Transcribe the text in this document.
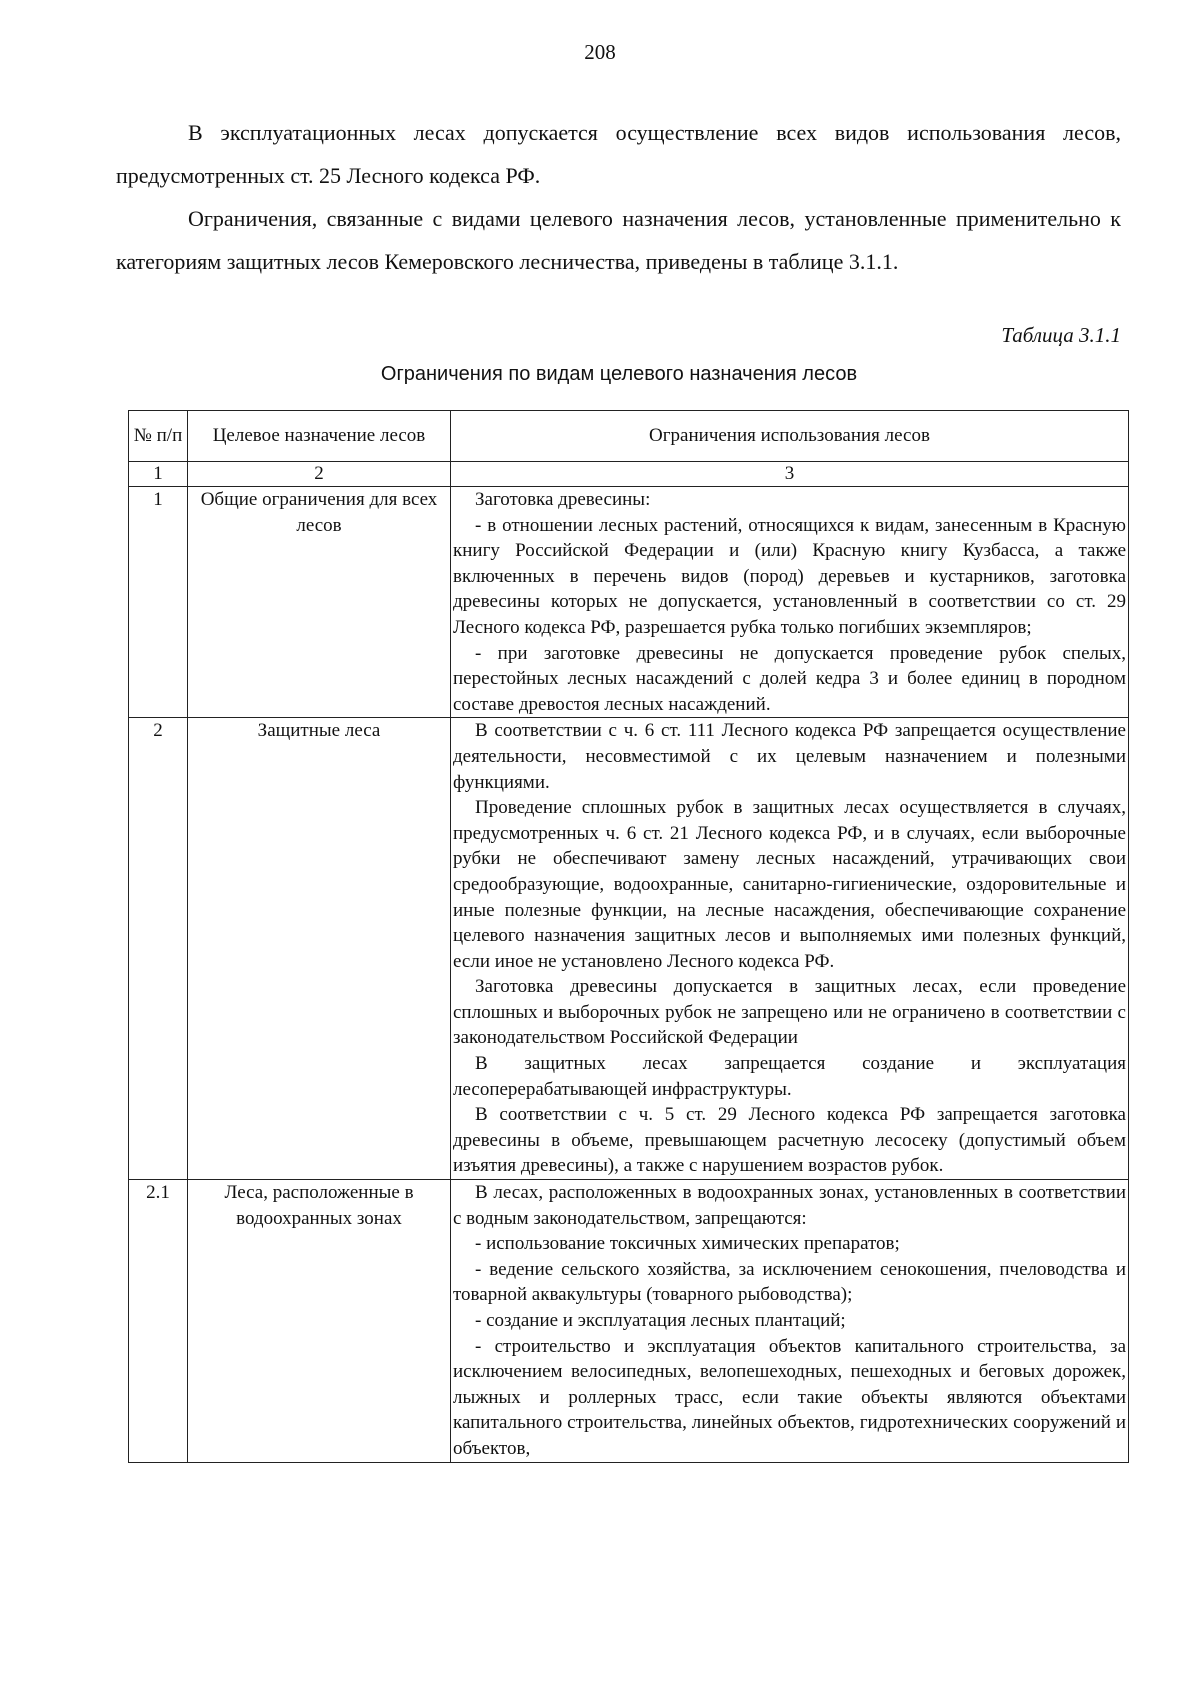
208

В эксплуатационных лесах допускается осуществление всех видов использования лесов, предусмотренных ст. 25 Лесного кодекса РФ.

Ограничения, связанные с видами целевого назначения лесов, установленные применительно к категориям защитных лесов Кемеровского лесничества, приведены в таблице 3.1.1.

Таблица 3.1.1
Ограничения по видам целевого назначения лесов
№ п/п	Целевое назначение лесов	Ограничения использования лесов
1	2	3
1	Общие ограничения для всех лесов	Заготовка древесины:

- в отношении лесных растений, относящихся к видам, занесенным в Красную книгу Российской Федерации и (или) Красную книгу Кузбасса, а также включенных в перечень видов (пород) деревьев и кустарников, заготовка древесины которых не допускается, установленный в соответствии со ст. 29 Лесного кодекса РФ, разрешается рубка только погибших экземпляров;

- при заготовке древесины не допускается проведение рубок спелых, перестойных лесных насаждений с долей кедра 3 и более единиц в породном составе древостоя лесных насаждений.

2	Защитные леса	В соответствии с ч. 6 ст. 111 Лесного кодекса РФ запрещается осуществление деятельности, несовместимой с их целевым назначением и полезными функциями.

Проведение сплошных рубок в защитных лесах осуществляется в случаях, предусмотренных ч. 6 ст. 21 Лесного кодекса РФ, и в случаях, если выборочные рубки не обеспечивают замену лесных насаждений, утрачивающих свои средообразующие, водоохранные, санитарно-гигиенические, оздоровительные и иные полезные функции, на лесные насаждения, обеспечивающие сохранение целевого назначения защитных лесов и выполняемых ими полезных функций, если иное не установлено Лесного кодекса РФ.

Заготовка древесины допускается в защитных лесах, если проведение сплошных и выборочных рубок не запрещено или не ограничено в соответствии с законодательством Российской Федерации

В защитных лесах запрещается создание и эксплуатация лесоперерабатывающей инфраструктуры.

В соответствии с ч. 5 ст. 29 Лесного кодекса РФ запрещается заготовка древесины в объеме, превышающем расчетную лесосеку (допустимый объем изъятия древесины), а также с нарушением возрастов рубок.

2.1	Леса, расположенные в водоохранных зонах	В лесах, расположенных в водоохранных зонах, установленных в соответствии с водным законодательством, запрещаются:

- использование токсичных химических препаратов;

- ведение сельского хозяйства, за исключением сенокошения, пчеловодства и товарной аквакультуры (товарного рыбоводства);

- создание и эксплуатация лесных плантаций;

- строительство и эксплуатация объектов капитального строительства, за исключением велосипедных, велопешеходных, пешеходных и беговых дорожек, лыжных и роллерных трасс, если такие объекты являются объектами капитального строительства, линейных объектов, гидротехнических сооружений и объектов,
